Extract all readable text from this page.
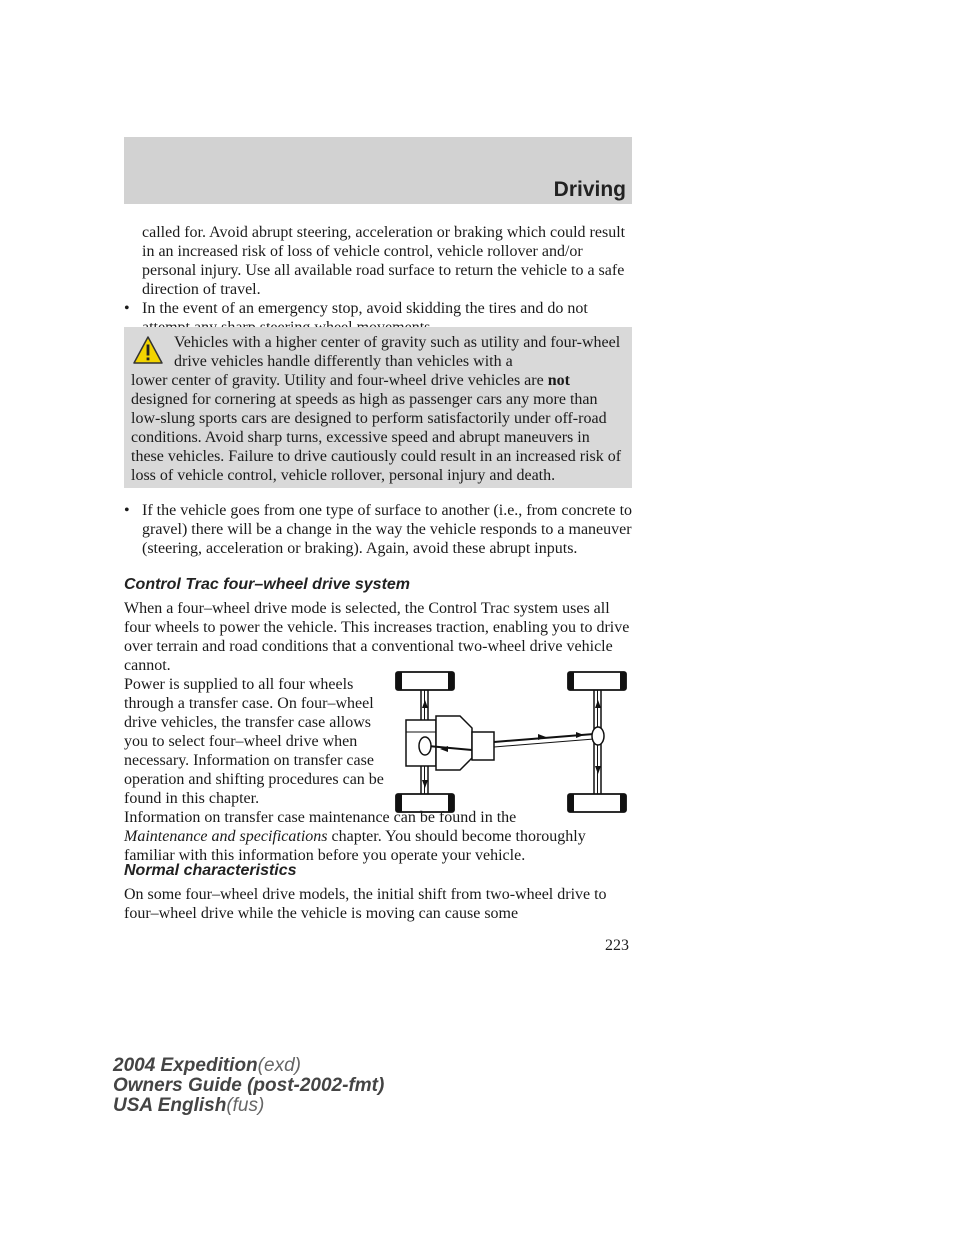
Driving

called for. Avoid abrupt steering, acceleration or braking which could result in an increased risk of loss of vehicle control, vehicle rollover and/or personal injury. Use all available road surface to return the vehicle to a safe direction of travel.

• In the event of an emergency stop, avoid skidding the tires and do not

Vehicles with a higher center of gravity such as utility and four-wheel drive vehicles handle differently than vehicles with a

lower center of gravity. Utility and four-wheel drive vehicles are not designed for cornering at speeds as high as passenger cars any more than low-slung sports cars are designed to perform satisfactorily under off-road conditions. Avoid sharp turns, excessive speed and abrupt maneuvers in these vehicles. Failure to drive cautiously could result in an increased risk of loss of vehicle control, vehicle rollover, personal injury and death.

• If the vehicle goes from one type of surface to another (i.e., from concrete to gravel) there will be a change in the way the vehicle responds to a maneuver (steering, acceleration or braking). Again, avoid these abrupt inputs.

Control Trac four–wheel drive system

When a four–wheel drive mode is selected, the Control Trac system uses all four wheels to power the vehicle. This increases traction, enabling you to drive over terrain and road conditions that a conventional two-wheel drive vehicle cannot.

Power is supplied to all four wheels through a transfer case. On four–wheel drive vehicles, the transfer case allows you to select four–wheel drive when necessary. Information on transfer case operation and shifting procedures can be found in this chapter.

Information on transfer case maintenance can be found in the
Maintenance and specifications chapter. You should become thoroughly familiar with this information before you operate your vehicle.

Normal characteristics

On some four–wheel drive models, the initial shift from two-wheel drive to four–wheel drive while the vehicle is moving can cause some

223
2004 Expedition(exd)
Owners Guide (post-2002-fmt)
USA English(fus)
